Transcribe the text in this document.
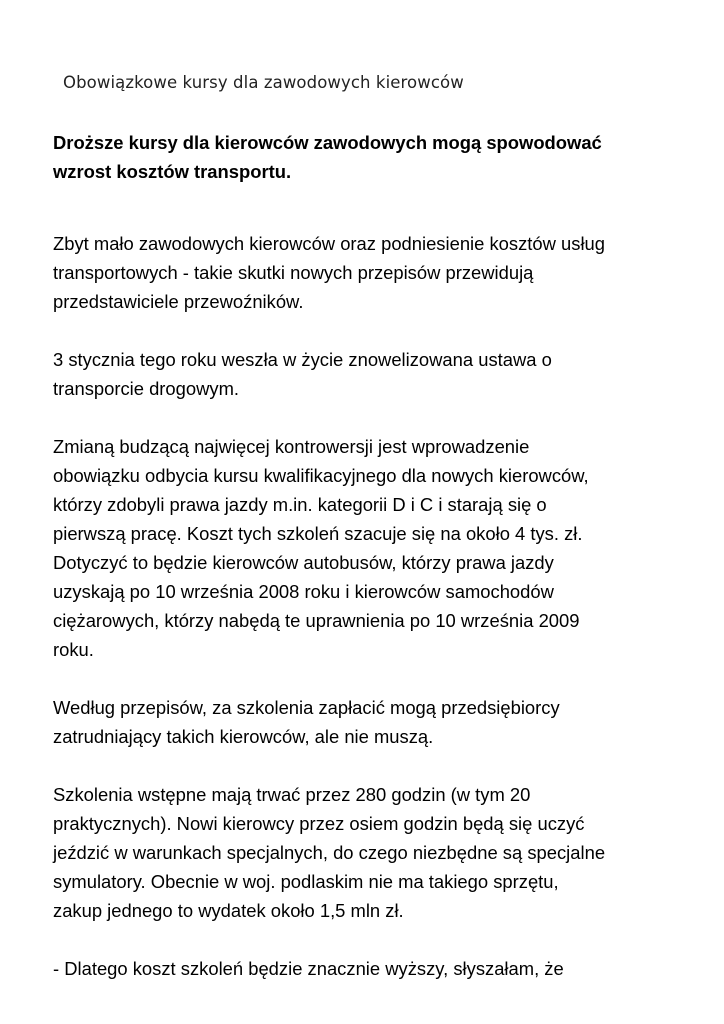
Obowiązkowe kursy dla zawodowych kierowców

Droższe kursy dla kierowców zawodowych mogą spowodować
wzrost kosztów transportu.

Zbyt mało zawodowych kierowców oraz podniesienie kosztów usług
transportowych - takie skutki nowych przepisów przewidują
przedstawiciele przewoźników.

3 stycznia tego roku weszła w życie znowelizowana ustawa o
transporcie drogowym.

Zmianą budzącą najwięcej kontrowersji jest wprowadzenie
obowiązku odbycia kursu kwalifikacyjnego dla nowych kierowców,
którzy zdobyli prawa jazdy m.in. kategorii D i C i starają się o
pierwszą pracę. Koszt tych szkoleń szacuje się na około 4 tys. zł.
Dotyczyć to będzie kierowców autobusów, którzy prawa jazdy
uzyskają po 10 września 2008 roku i kierowców samochodów
ciężarowych, którzy nabędą te uprawnienia po 10 września 2009
roku.

Według przepisów, za szkolenia zapłacić mogą przedsiębiorcy
zatrudniający takich kierowców, ale nie muszą.

Szkolenia wstępne mają trwać przez 280 godzin (w tym 20
praktycznych). Nowi kierowcy przez osiem godzin będą się uczyć
jeździć w warunkach specjalnych, do czego niezbędne są specjalne
symulatory. Obecnie w woj. podlaskim nie ma takiego sprzętu,
zakup jednego to wydatek około 1,5 mln zł.

- Dlatego koszt szkoleń będzie znacznie wyższy, słyszałam, że
